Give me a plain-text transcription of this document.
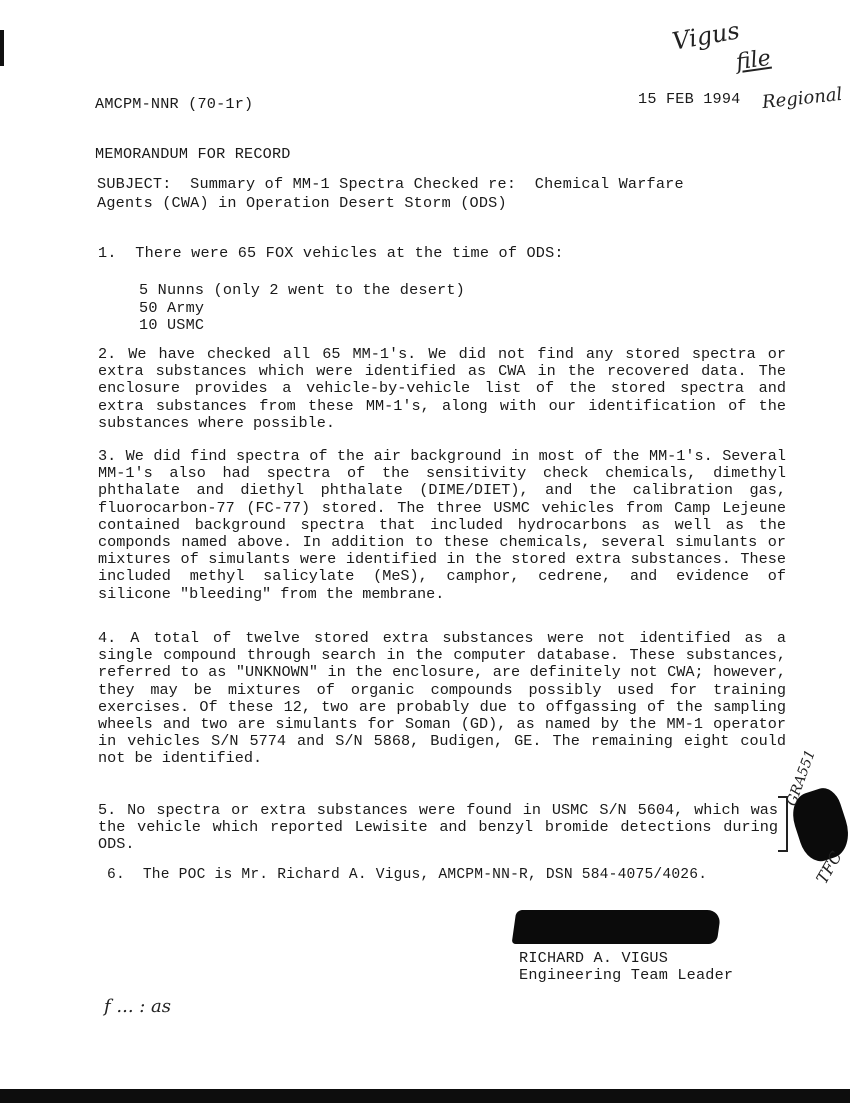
Vigus
file
Regional
AMCPM-NNR (70-1r)	15 FEB 1994
MEMORANDUM FOR RECORD
SUBJECT:  Summary of MM-1 Spectra Checked re:  Chemical Warfare
Agents (CWA) in Operation Desert Storm (ODS)
1.  There were 65 FOX vehicles at the time of ODS:
5 Nunns (only 2 went to the desert)
50 Army
10 USMC

2. We have checked all 65 MM-1's. We did not find any stored spectra or extra substances which were identified as CWA in the recovered data. The enclosure provides a vehicle-by-vehicle list of the stored spectra and extra substances from these MM-1's, along with our identification of the substances where possible.

3. We did find spectra of the air background in most of the MM-1's. Several MM-1's also had spectra of the sensitivity check chemicals, dimethyl phthalate and diethyl phthalate (DIME/DIET), and the calibration gas, fluorocarbon-77 (FC-77) stored. The three USMC vehicles from Camp Lejeune contained background spectra that included hydrocarbons as well as the componds named above. In addition to these chemicals, several simulants or mixtures of simulants were identified in the stored extra substances. These included methyl salicylate (MeS), camphor, cedrene, and evidence of silicone "bleeding" from the membrane.

4. A total of twelve stored extra substances were not identified as a single compound through search in the computer database. These substances, referred to as "UNKNOWN" in the enclosure, are definitely not CWA; however, they may be mixtures of organic compounds possibly used for training exercises. Of these 12, two are probably due to offgassing of the sampling wheels and two are simulants for Soman (GD), as named by the MM-1 operator in vehicles S/N 5774 and S/N 5868, Budigen, GE. The remaining eight could not be identified.

5. No spectra or extra substances were found in USMC S/N 5604, which was the vehicle which reported Lewisite and benzyl bromide detections during ODS.

6.  The POC is Mr. Richard A. Vigus, AMCPM-NN-R, DSN 584-4075/4026.
GRA551
TFC
RICHARD A. VIGUS
Engineering Team Leader
f ... : as
